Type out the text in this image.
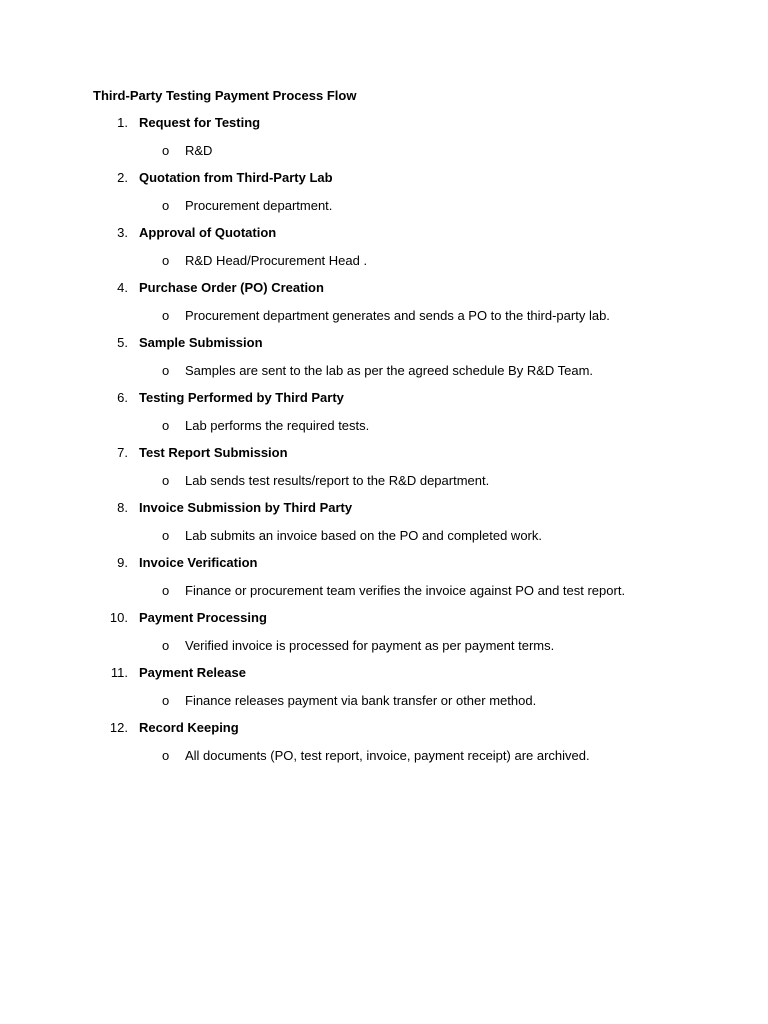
Third-Party Testing Payment Process Flow
1. Request for Testing
o R&D
2. Quotation from Third-Party Lab
o Procurement department.
3. Approval of Quotation
o R&D Head/Procurement Head .
4. Purchase Order (PO) Creation
o Procurement department generates and sends a PO to the third-party lab.
5. Sample Submission
o Samples are sent to the lab as per the agreed schedule By R&D Team.
6. Testing Performed by Third Party
o Lab performs the required tests.
7. Test Report Submission
o Lab sends test results/report to the R&D department.
8. Invoice Submission by Third Party
o Lab submits an invoice based on the PO and completed work.
9. Invoice Verification
o Finance or procurement team verifies the invoice against PO and test report.
10. Payment Processing
o Verified invoice is processed for payment as per payment terms.
11. Payment Release
o Finance releases payment via bank transfer or other method.
12. Record Keeping
o All documents (PO, test report, invoice, payment receipt) are archived.
